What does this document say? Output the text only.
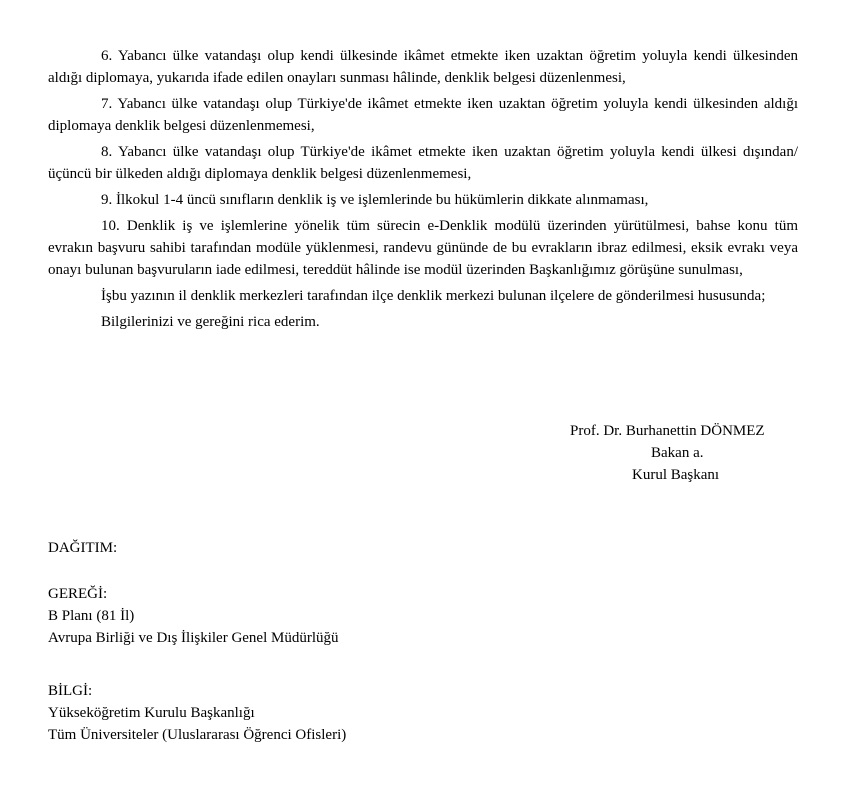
6. Yabancı ülke vatandaşı olup kendi ülkesinde ikâmet etmekte iken uzaktan öğretim yoluyla kendi ülkesinden aldığı diplomaya, yukarıda ifade edilen onayları sunması hâlinde, denklik belgesi düzenlenmesi,

7. Yabancı ülke vatandaşı olup Türkiye'de ikâmet etmekte iken uzaktan öğretim yoluyla kendi ülkesinden aldığı diplomaya denklik belgesi düzenlenmemesi,

8. Yabancı ülke vatandaşı olup Türkiye'de ikâmet etmekte iken uzaktan öğretim yoluyla kendi ülkesi dışından/üçüncü bir ülkeden aldığı diplomaya denklik belgesi düzenlenmemesi,

9. İlkokul 1-4 üncü sınıfların denklik iş ve işlemlerinde bu hükümlerin dikkate alınmaması,

10. Denklik iş ve işlemlerine yönelik tüm sürecin e-Denklik modülü üzerinden yürütülmesi, bahse konu tüm evrakın başvuru sahibi tarafından modüle yüklenmesi, randevu gününde de bu evrakların ibraz edilmesi, eksik evrakı veya onayı bulunan başvuruların iade edilmesi, tereddüt hâlinde ise modül üzerinden Başkanlığımız görüşüne sunulması,

İşbu yazının il denklik merkezleri tarafından ilçe denklik merkezi bulunan ilçelere de gönderilmesi hususunda;

Bilgilerinizi ve gereğini rica ederim.

Prof. Dr. Burhanettin DÖNMEZ
Bakan a.
Kurul Başkanı
DAĞITIM:
GEREĞİ:
B Planı (81 İl)
Avrupa Birliği ve Dış İlişkiler Genel Müdürlüğü
BİLGİ:
Yükseköğretim Kurulu Başkanlığı
Tüm Üniversiteler (Uluslararası Öğrenci Ofisleri)
